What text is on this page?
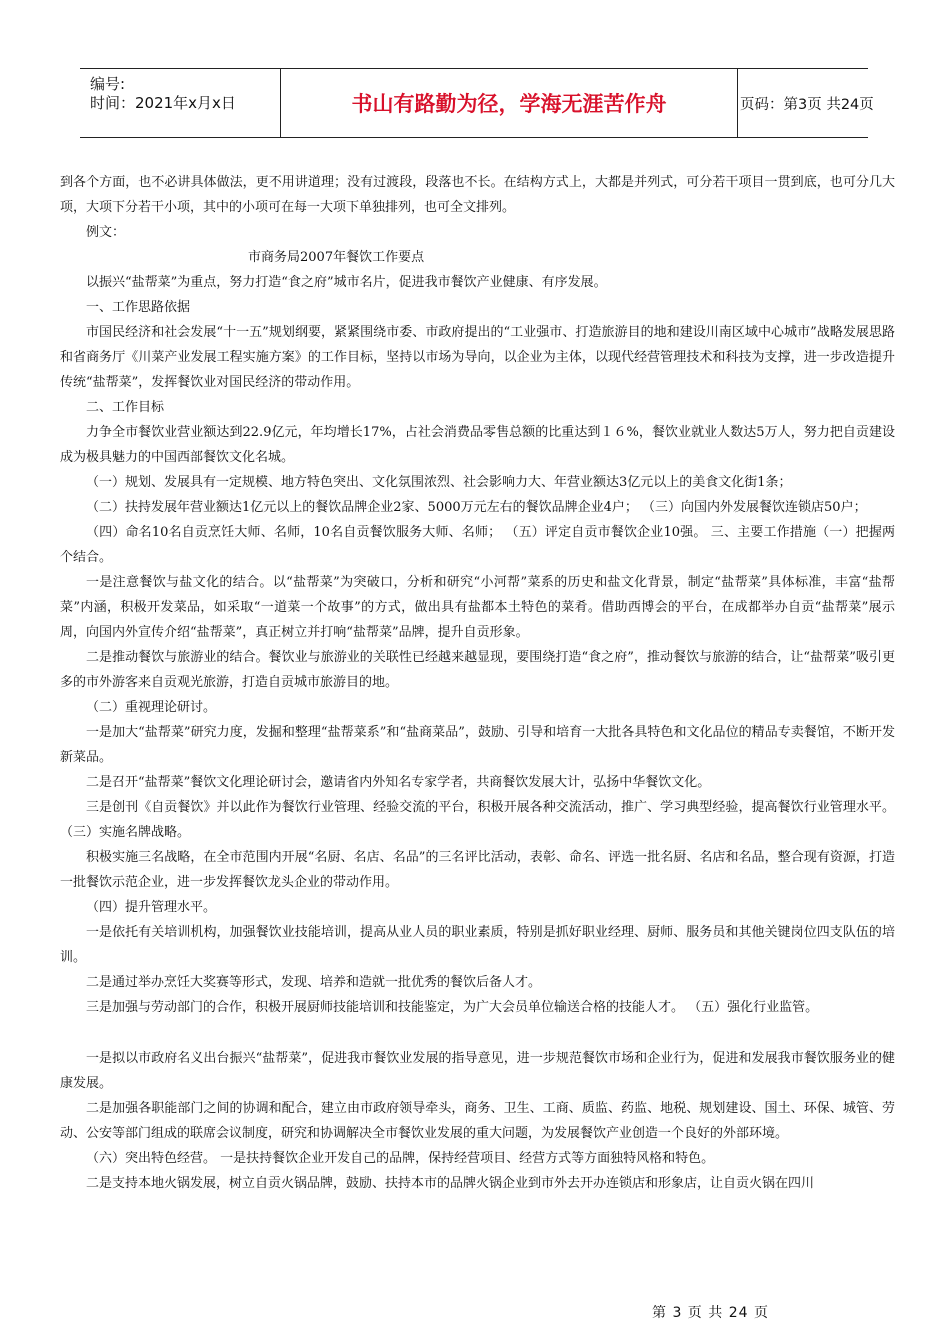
编号:
时间：2021年x月x日	书山有路勤为径，学海无涯苦作舟	页码：第3页 共24页

到各个方面，也不必讲具体做法，更不用讲道理；没有过渡段，段落也不长。在结构方式上，大都是并列式，可分若干项目一贯到底，也可分几大项，大项下分若干小项，其中的小项可在每一大项下单独排列，也可全文排列。

例文：

市商务局2007年餐饮工作要点

以振兴“盐帮菜”为重点，努力打造“食之府”城市名片，促进我市餐饮产业健康、有序发展。

一、工作思路依据

市国民经济和社会发展“十一五”规划纲要，紧紧围绕市委、市政府提出的“工业强市、打造旅游目的地和建设川南区域中心城市”战略发展思路和省商务厅《川菜产业发展工程实施方案》的工作目标，坚持以市场为导向，以企业为主体，以现代经营管理技术和科技为支撑，进一步改造提升传统“盐帮菜”，发挥餐饮业对国民经济的带动作用。

二、工作目标

力争全市餐饮业营业额达到22.9亿元，年均增长17%，占社会消费品零售总额的比重达到１６%，餐饮业就业人数达5万人，努力把自贡建设成为极具魅力的中国西部餐饮文化名城。

（一）规划、发展具有一定规模、地方特色突出、文化氛围浓烈、社会影响力大、年营业额达3亿元以上的美食文化街1条；

（二）扶持发展年营业额达1亿元以上的餐饮品牌企业2家、5000万元左右的餐饮品牌企业4户； （三）向国内外发展餐饮连锁店50户；

（四）命名10名自贡烹饪大师、名师，10名自贡餐饮服务大师、名师； （五）评定自贡市餐饮企业10强。 三、主要工作措施（一）把握两个结合。

一是注意餐饮与盐文化的结合。以“盐帮菜”为突破口，分析和研究“小河帮”菜系的历史和盐文化背景，制定“盐帮菜”具体标准，丰富“盐帮菜”内涵，积极开发菜品，如采取“一道菜一个故事”的方式，做出具有盐都本土特色的菜肴。借助西博会的平台，在成都举办自贡“盐帮菜”展示周，向国内外宣传介绍“盐帮菜”，真正树立并打响“盐帮菜”品牌，提升自贡形象。

二是推动餐饮与旅游业的结合。餐饮业与旅游业的关联性已经越来越显现，要围绕打造“食之府”，推动餐饮与旅游的结合，让“盐帮菜”吸引更多的市外游客来自贡观光旅游，打造自贡城市旅游目的地。

（二）重视理论研讨。

一是加大“盐帮菜”研究力度，发掘和整理“盐帮菜系”和“盐商菜品”，鼓励、引导和培育一大批各具特色和文化品位的精品专卖餐馆，不断开发新菜品。

二是召开“盐帮菜”餐饮文化理论研讨会，邀请省内外知名专家学者，共商餐饮发展大计，弘扬中华餐饮文化。

三是创刊《自贡餐饮》并以此作为餐饮行业管理、经验交流的平台，积极开展各种交流活动，推广、学习典型经验，提高餐饮行业管理水平。（三）实施名牌战略。

积极实施三名战略，在全市范围内开展“名厨、名店、名品”的三名评比活动，表彰、命名、评选一批名厨、名店和名品，整合现有资源，打造一批餐饮示范企业，进一步发挥餐饮龙头企业的带动作用。

（四）提升管理水平。

一是依托有关培训机构，加强餐饮业技能培训，提高从业人员的职业素质，特别是抓好职业经理、厨师、服务员和其他关键岗位四支队伍的培训。

二是通过举办烹饪大奖赛等形式，发现、培养和造就一批优秀的餐饮后备人才。

三是加强与劳动部门的合作，积极开展厨师技能培训和技能鉴定，为广大会员单位输送合格的技能人才。 （五）强化行业监管。

一是拟以市政府名义出台振兴“盐帮菜”，促进我市餐饮业发展的指导意见，进一步规范餐饮市场和企业行为，促进和发展我市餐饮服务业的健康发展。

二是加强各职能部门之间的协调和配合，建立由市政府领导牵头，商务、卫生、工商、质监、药监、地税、规划建设、国土、环保、城管、劳动、公安等部门组成的联席会议制度，研究和协调解决全市餐饮业发展的重大问题，为发展餐饮产业创造一个良好的外部环境。

（六）突出特色经营。 一是扶持餐饮企业开发自己的品牌，保持经营项目、经营方式等方面独特风格和特色。

二是支持本地火锅发展，树立自贡火锅品牌，鼓励、扶持本市的品牌火锅企业到市外去开办连锁店和形象店，让自贡火锅在四川

第 3 页 共 24 页
